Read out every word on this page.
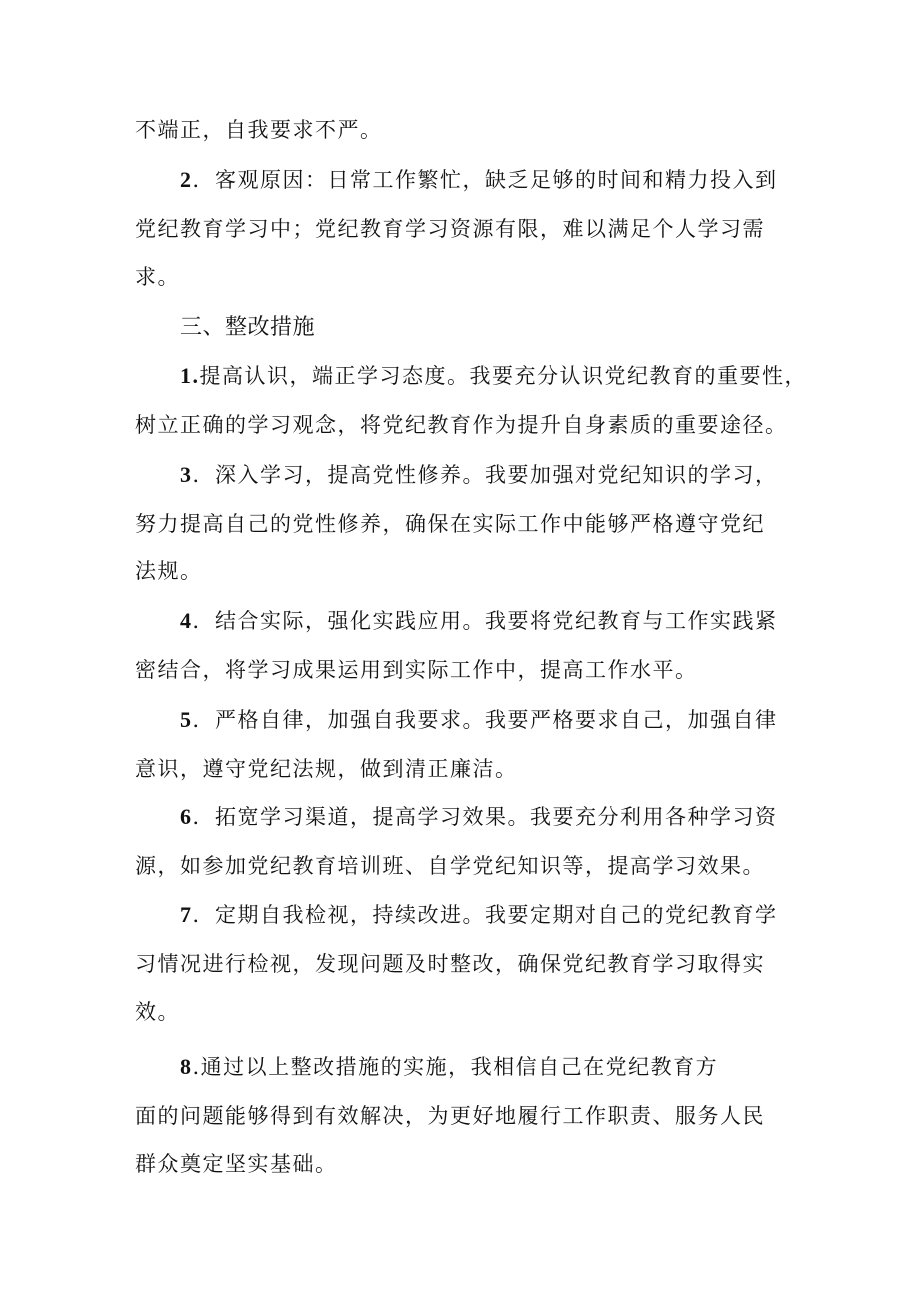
不端正，自我要求不严。
2．客观原因：日常工作繁忙，缺乏足够的时间和精力投入到
党纪教育学习中；党纪教育学习资源有限，难以满足个人学习需
求。
三、整改措施
1.提高认识，端正学习态度。我要充分认识党纪教育的重要性，
树立正确的学习观念，将党纪教育作为提升自身素质的重要途径。
3．深入学习，提高党性修养。我要加强对党纪知识的学习，
努力提高自己的党性修养，确保在实际工作中能够严格遵守党纪
法规。
4．结合实际，强化实践应用。我要将党纪教育与工作实践紧
密结合，将学习成果运用到实际工作中，提高工作水平。
5．严格自律，加强自我要求。我要严格要求自己，加强自律
意识，遵守党纪法规，做到清正廉洁。
6．拓宽学习渠道，提高学习效果。我要充分利用各种学习资
源，如参加党纪教育培训班、自学党纪知识等，提高学习效果。
7．定期自我检视，持续改进。我要定期对自己的党纪教育学
习情况进行检视，发现问题及时整改，确保党纪教育学习取得实
效。
8.通过以上整改措施的实施，我相信自己在党纪教育方
面的问题能够得到有效解决，为更好地履行工作职责、服务人民
群众奠定坚实基础。
